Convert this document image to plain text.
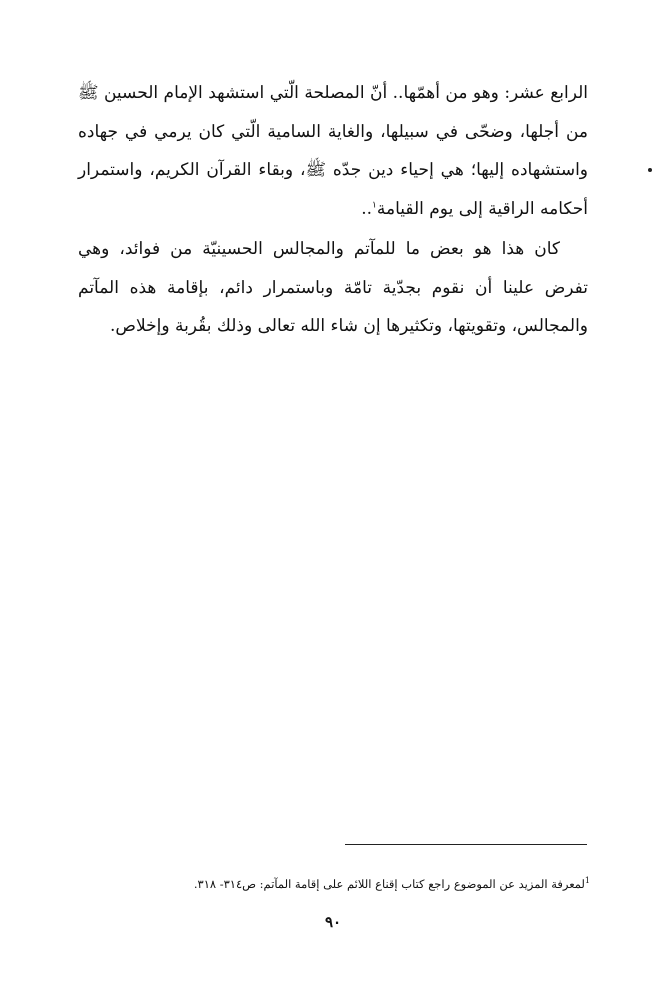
الرابع عشر: وهو من أهمّها.. أنّ المصلحة الّتي استشهد الإمام الحسين ﷺ من أجلها، وضحّى في سبيلها، والغاية السامية الّتي كان يرمي في جهاده واستشهاده إليها؛ هي إحياء دين جدّه ﷺ، وبقاء القرآن الكريم، واستمرار أحكامه الراقية إلى يوم القيامة$^١$..

كان هذا هو بعض ما للمآتم والمجالس الحسينيّة من فوائد، وهي تفرض علينا أن نقوم بجدّية تامّة وباستمرار دائم، بإقامة هذه المآتم والمجالس، وتقويتها، وتكثيرها إن شاء الله تعالى وذلك بقُربة وإخلاص.

$^1$لمعرفة المزيد عن الموضوع راجع كتاب إقناع اللائم على إقامة المآتم: ص٣١٤- ٣١٨.
٩٠
